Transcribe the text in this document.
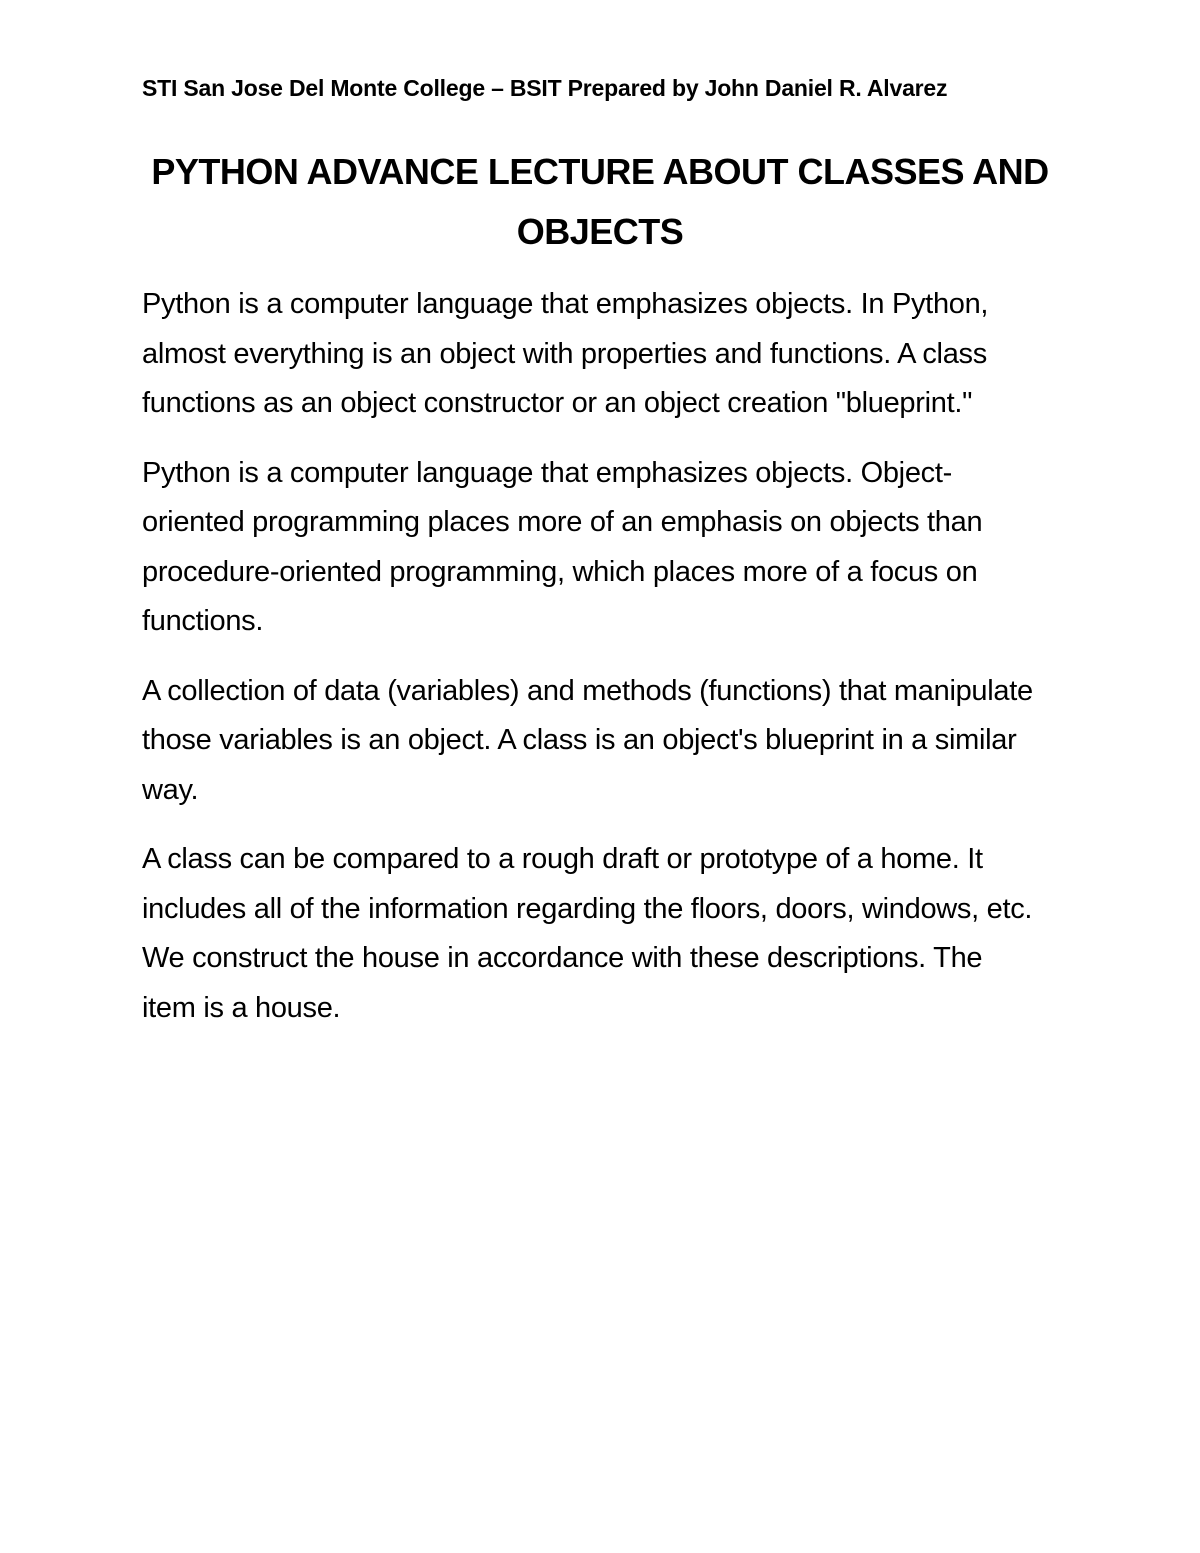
STI San Jose Del Monte College – BSIT Prepared by John Daniel R. Alvarez
PYTHON ADVANCE LECTURE ABOUT CLASSES AND OBJECTS

Python is a computer language that emphasizes objects. In Python, almost everything is an object with properties and functions. A class functions as an object constructor or an object creation "blueprint."

Python is a computer language that emphasizes objects. Object-oriented programming places more of an emphasis on objects than procedure-oriented programming, which places more of a focus on functions.

A collection of data (variables) and methods (functions) that manipulate those variables is an object. A class is an object's blueprint in a similar way.

A class can be compared to a rough draft or prototype of a home. It includes all of the information regarding the floors, doors, windows, etc. We construct the house in accordance with these descriptions. The item is a house.
